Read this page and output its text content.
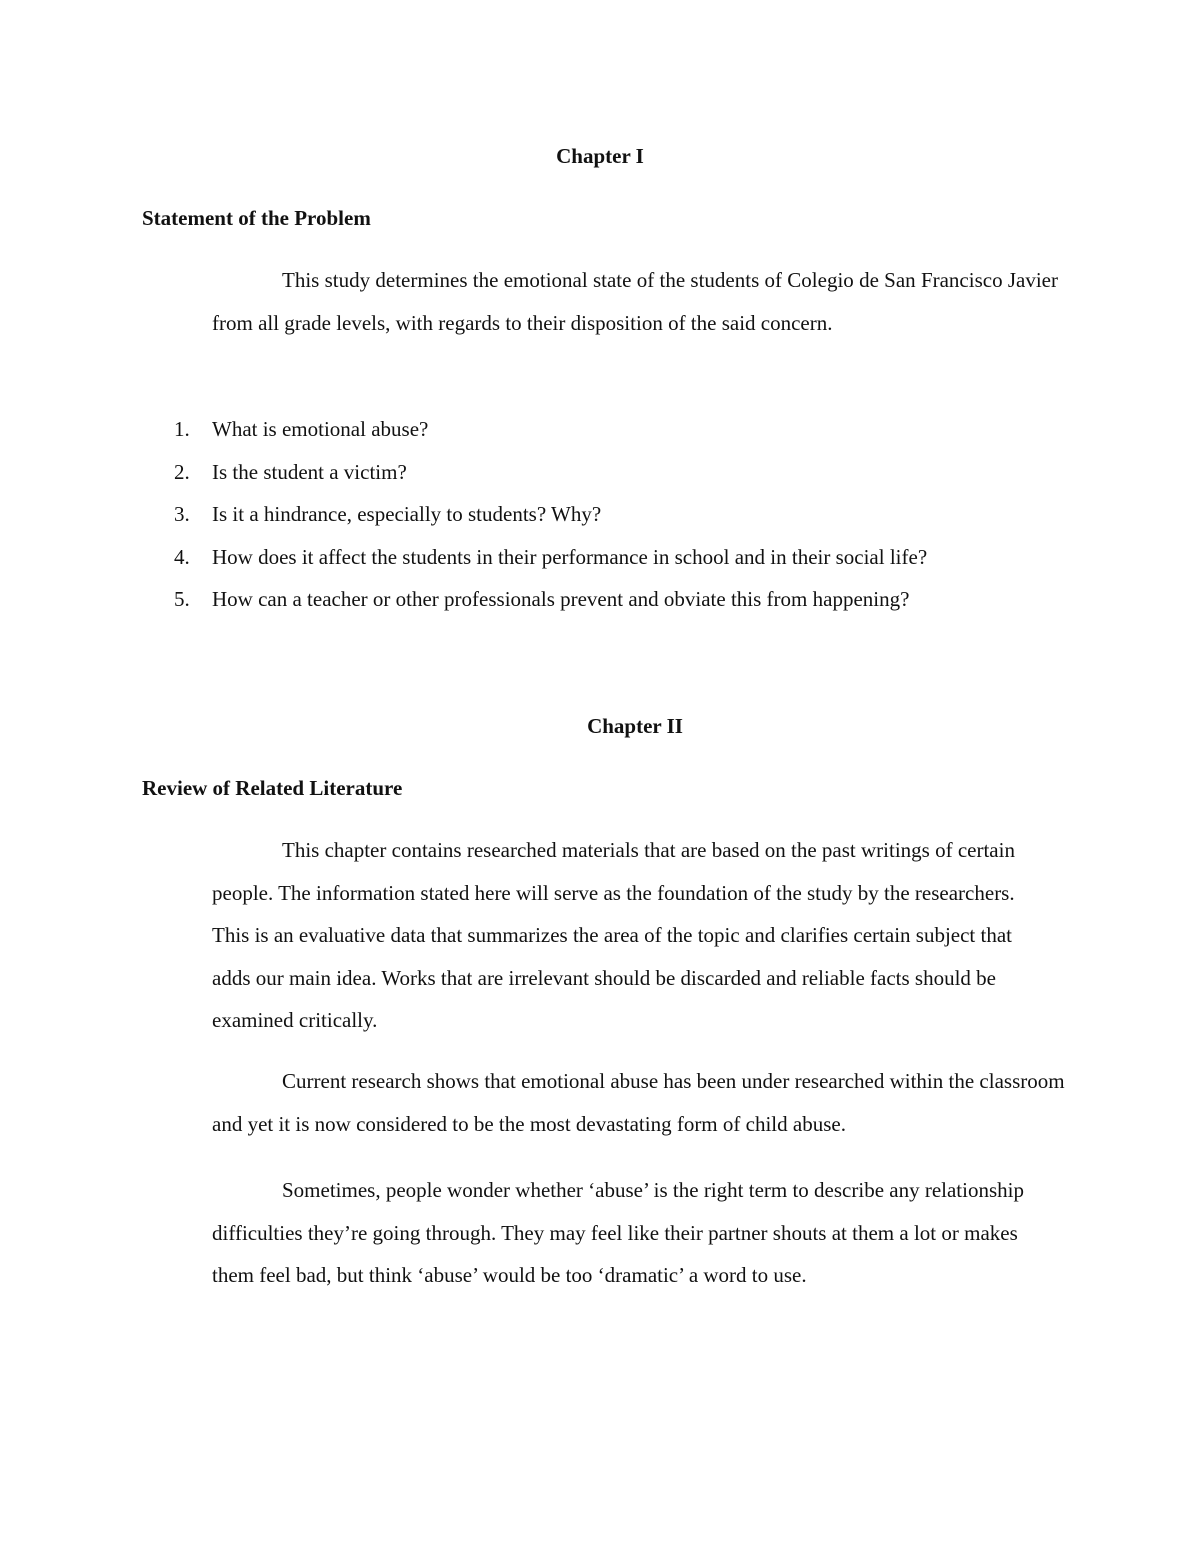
Chapter I
Statement of the Problem

This study determines the emotional state of the students of Colegio de San Francisco Javier from all grade levels, with regards to their disposition of the said concern.

1. What is emotional abuse?
2. Is the student a victim?
3. Is it a hindrance, especially to students? Why?
4. How does it affect the students in their performance in school and in their social life?
5. How can a teacher or other professionals prevent and obviate this from happening?
Chapter II
Review of Related Literature

This chapter contains researched materials that are based on the past writings of certain people. The information stated here will serve as the foundation of the study by the researchers. This is an evaluative data that summarizes the area of the topic and clarifies certain subject that adds our main idea. Works that are irrelevant should be discarded and reliable facts should be examined critically.

Current research shows that emotional abuse has been under researched within the classroom and yet it is now considered to be the most devastating form of child abuse.

Sometimes, people wonder whether ‘abuse’ is the right term to describe any relationship difficulties they’re going through. They may feel like their partner shouts at them a lot or makes them feel bad, but think ‘abuse’ would be too ‘dramatic’ a word to use.
